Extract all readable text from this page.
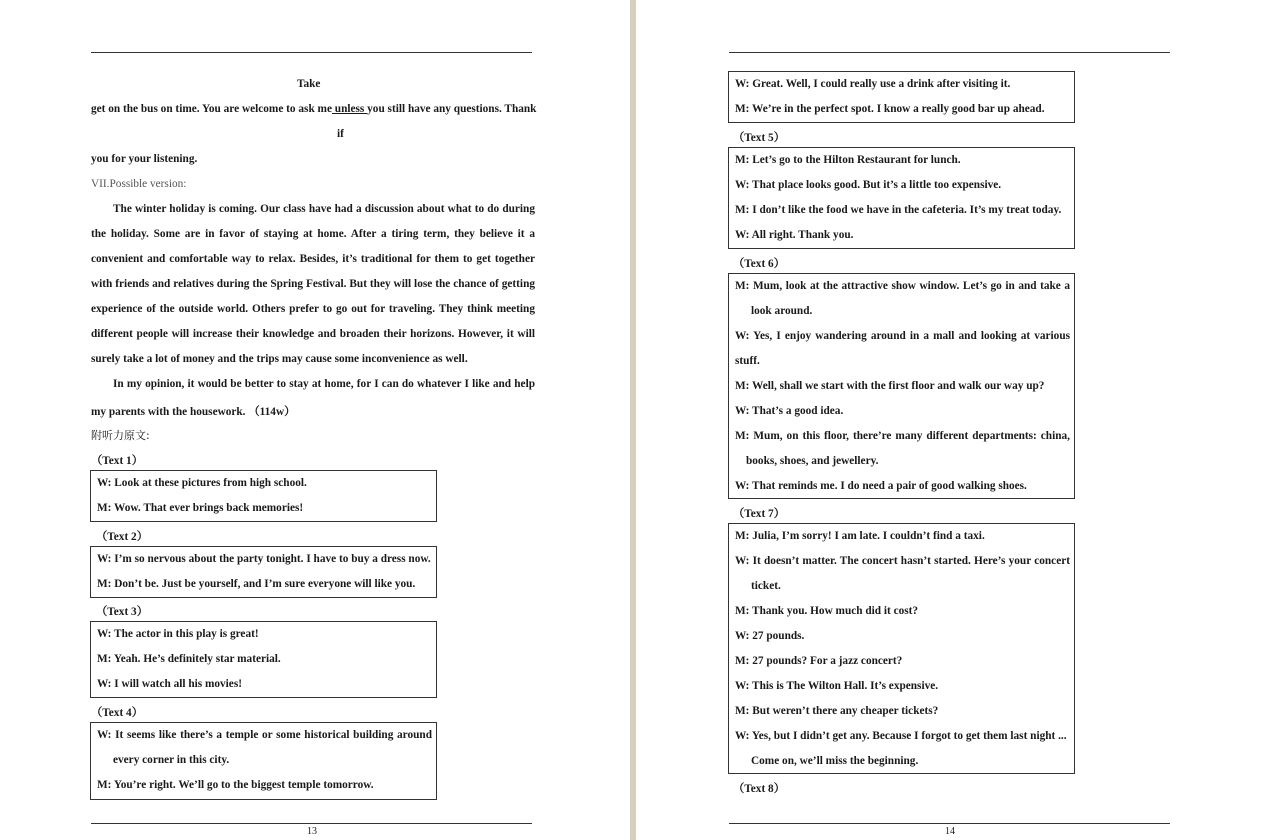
Take
get on the bus on time. You are welcome to ask me unless you still have any questions. Thank
if
you for your listening.
VII.Possible version:
The winter holiday is coming. Our class have had a discussion about what to do during
the holiday. Some are in favor of staying at home. After a tiring term, they believe it a
convenient and comfortable way to relax. Besides, it’s traditional for them to get together
with friends and relatives during the Spring Festival. But they will lose the chance of getting
experience of the outside world. Others prefer to go out for traveling. They think meeting
different people will increase their knowledge and broaden their horizons. However, it will
surely take a lot of money and the trips may cause some inconvenience as well.
In my opinion, it would be better to stay at home, for I can do whatever I like and help
my parents with the housework. （114w）
附听力原文:
（Text 1）
W: Look at these pictures from high school.
M: Wow. That ever brings back memories!
（Text 2）
W: I’m so nervous about the party tonight. I have to buy a dress now.
M: Don’t be. Just be yourself, and I’m sure everyone will like you.
（Text 3）
W: The actor in this play is great!
M: Yeah. He’s definitely star material.
W: I will watch all his movies!
（Text 4）
W: It seems like there’s a temple or some historical building around
every corner in this city.
M: You’re right. We’ll go to the biggest temple tomorrow.
13
W: Great. Well, I could really use a drink after visiting it.
M: We’re in the perfect spot. I know a really good bar up ahead.
（Text 5）
M: Let’s go to the Hilton Restaurant for lunch.
W: That place looks good. But it’s a little too expensive.
M: I don’t like the food we have in the cafeteria. It’s my treat today.
W: All right. Thank you.
（Text 6）
M: Mum, look at the attractive show window. Let’s go in and take a
look around.
W: Yes, I enjoy wandering around in a mall and looking at various
stuff.
M: Well, shall we start with the first floor and walk our way up?
W: That’s a good idea.
M: Mum, on this floor, there’re many different departments: china,
books, shoes, and jewellery.
W: That reminds me. I do need a pair of good walking shoes.
（Text 7）
M: Julia, I’m sorry! I am late. I couldn’t find a taxi.
W: It doesn’t matter. The concert hasn’t started. Here’s your concert
ticket.
M: Thank you. How much did it cost?
W: 27 pounds.
M: 27 pounds? For a jazz concert?
W: This is The Wilton Hall. It’s expensive.
M: But weren’t there any cheaper tickets?
W: Yes, but I didn’t get any. Because I forgot to get them last night ...
Come on, we’ll miss the beginning.
（Text 8）
14
